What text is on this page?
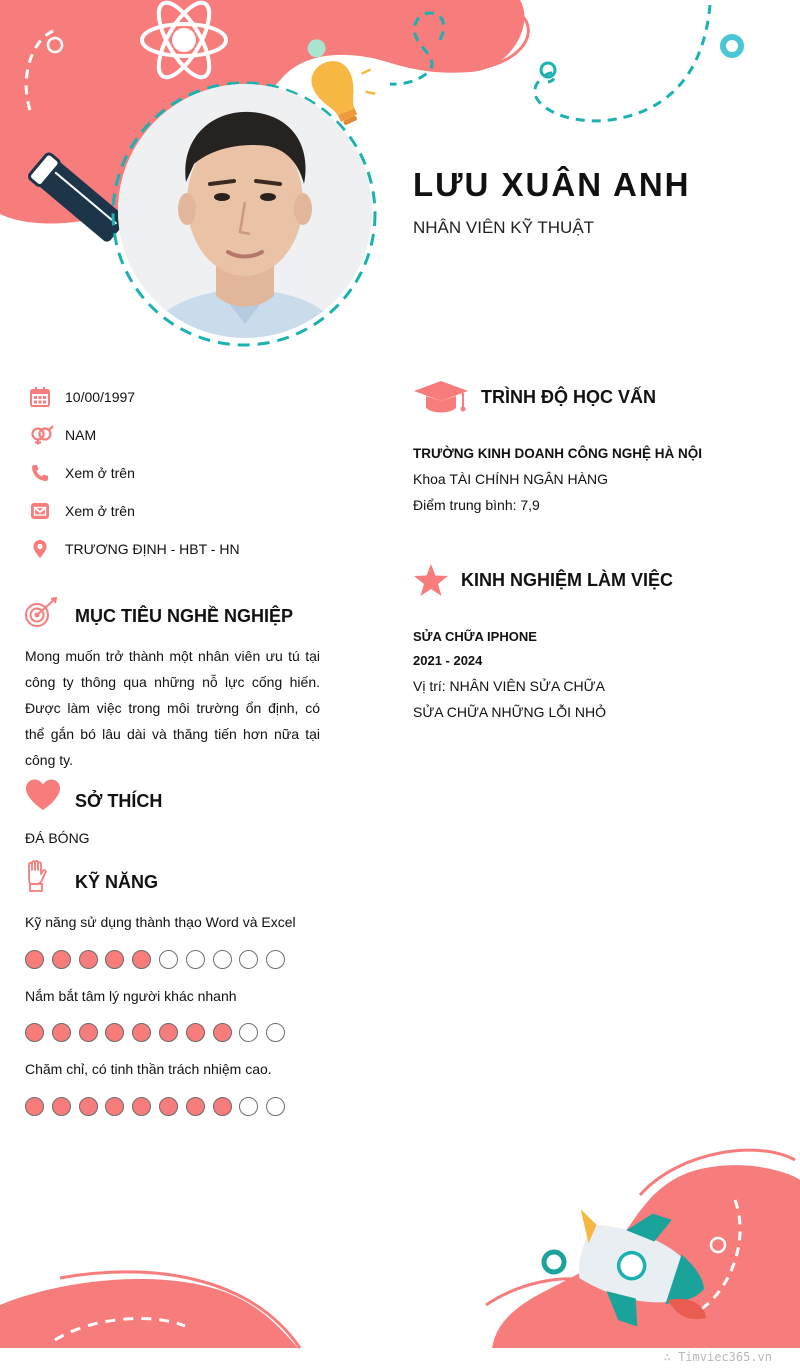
LƯU XUÂN ANH
NHÂN VIÊN KỸ THUẬT
10/00/1997
NAM
Xem ở trên
Xem ở trên
TRƯƠNG ĐỊNH - HBT - HN
MỤC TIÊU NGHỀ NGHIỆP
Mong muốn trở thành một nhân viên ưu tú tại công ty thông qua những nỗ lực cống hiến. Được làm việc trong môi trường ổn định, có thể gắn bó lâu dài và thăng tiến hơn nữa tại công ty.
SỞ THÍCH
ĐÁ BÓNG
KỸ NĂNG
Kỹ năng sử dụng thành thạo Word và Excel
Nắm bắt tâm lý người khác nhanh
Chăm chỉ, có tinh thần trách nhiệm cao.
TRÌNH ĐỘ HỌC VẤN
TRƯỜNG KINH DOANH CÔNG NGHỆ HÀ NỘI
Khoa TÀI CHÍNH NGÂN HÀNG
Điểm trung bình: 7,9
KINH NGHIỆM LÀM VIỆC
SỬA CHỮA IPHONE
2021 - 2024
Vị trí: NHÂN VIÊN SỬA CHỮA
SỬA CHỮA NHỮNG LỖI NHỎ
∴ Timviec365.vn
